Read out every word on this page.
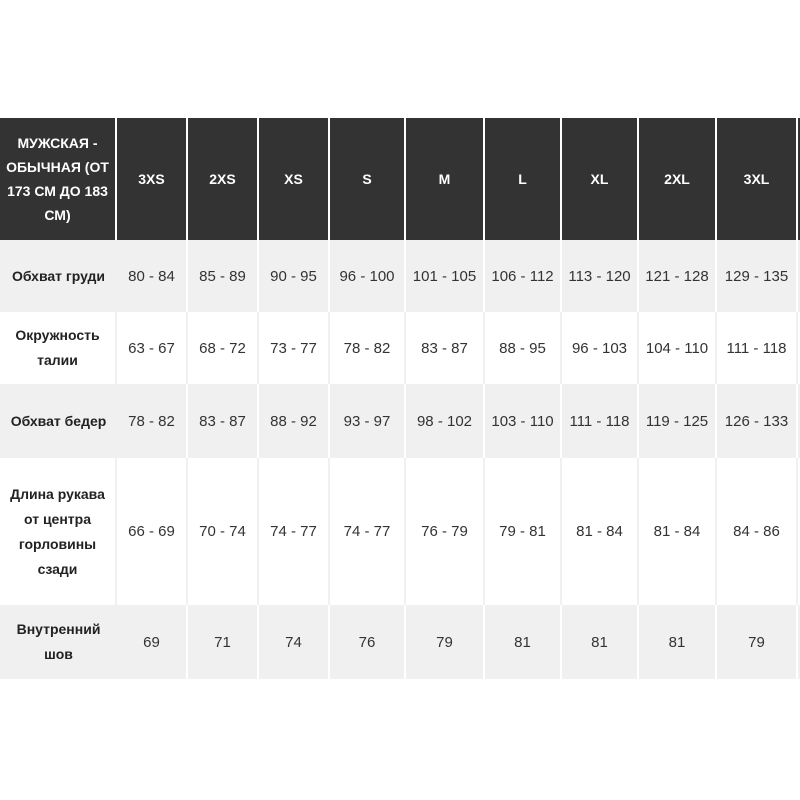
МУЖСКАЯ - ОБЫЧНАЯ (ОТ 173 СМ ДО 183 СМ)	3XS	2XS	XS	S	M	L	XL	2XL	3XL	
Обхват груди	80 - 84	85 - 89	90 - 95	96 - 100	101 - 105	106 - 112	113 - 120	121 - 128	129 - 135	
Окружность талии	63 - 67	68 - 72	73 - 77	78 - 82	83 - 87	88 - 95	96 - 103	104 - 110	111 - 118	
Обхват бедер	78 - 82	83 - 87	88 - 92	93 - 97	98 - 102	103 - 110	111 - 118	119 - 125	126 - 133	
Длина рукава от центра горловины сзади	66 - 69	70 - 74	74 - 77	74 - 77	76 - 79	79 - 81	81 - 84	81 - 84	84 - 86	
Внутренний шов	69	71	74	76	79	81	81	81	79	
